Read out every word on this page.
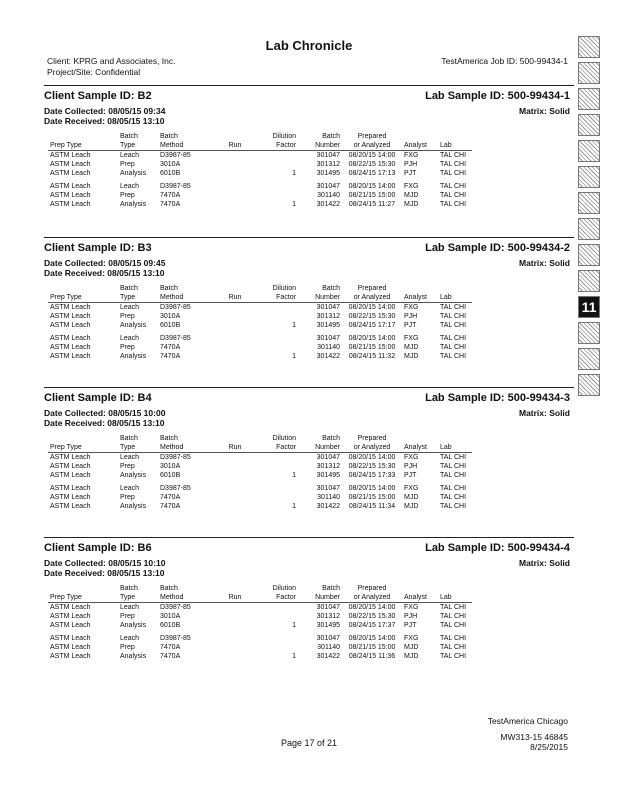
Lab Chronicle
Client: KPRG and Associates, Inc.
Project/Site: Confidential
TestAmerica Job ID: 500-99434-1
11
Client Sample ID: B2	Lab Sample ID: 500-99434-1
Date Collected: 08/05/15 09:34	Matrix: Solid
Date Received: 08/05/15 13:10
	Batch	Batch		Dilution	Batch	Prepared		
Prep Type	Type	Method	Run	Factor	Number	or Analyzed	Analyst	Lab
ASTM Leach	Leach	D3987-85			301047	08/20/15 14:00	FXG	TAL CHI
ASTM Leach	Prep	3010A			301312	08/22/15 15:30	PJH	TAL CHI
ASTM Leach	Analysis	6010B		1	301495	08/24/15 17:13	PJT	TAL CHI
ASTM Leach	Leach	D3987-85			301047	08/20/15 14:00	FXG	TAL CHI
ASTM Leach	Prep	7470A			301140	08/21/15 15:00	MJD	TAL CHI
ASTM Leach	Analysis	7470A		1	301422	08/24/15 11:27	MJD	TAL CHI
Client Sample ID: B3	Lab Sample ID: 500-99434-2
Date Collected: 08/05/15 09:45	Matrix: Solid
Date Received: 08/05/15 13:10
	Batch	Batch		Dilution	Batch	Prepared		
Prep Type	Type	Method	Run	Factor	Number	or Analyzed	Analyst	Lab
ASTM Leach	Leach	D3987-85			301047	08/20/15 14:00	FXG	TAL CHI
ASTM Leach	Prep	3010A			301312	08/22/15 15:30	PJH	TAL CHI
ASTM Leach	Analysis	6010B		1	301495	08/24/15 17:17	PJT	TAL CHI
ASTM Leach	Leach	D3987-85			301047	08/20/15 14:00	FXG	TAL CHI
ASTM Leach	Prep	7470A			301140	08/21/15 15:00	MJD	TAL CHI
ASTM Leach	Analysis	7470A		1	301422	08/24/15 11:32	MJD	TAL CHI
Client Sample ID: B4	Lab Sample ID: 500-99434-3
Date Collected: 08/05/15 10:00	Matrix: Solid
Date Received: 08/05/15 13:10
	Batch	Batch		Dilution	Batch	Prepared		
Prep Type	Type	Method	Run	Factor	Number	or Analyzed	Analyst	Lab
ASTM Leach	Leach	D3987-85			301047	08/20/15 14:00	FXG	TAL CHI
ASTM Leach	Prep	3010A			301312	08/22/15 15:30	PJH	TAL CHI
ASTM Leach	Analysis	6010B		1	301495	08/24/15 17:33	PJT	TAL CHI
ASTM Leach	Leach	D3987-85			301047	08/20/15 14:00	FXG	TAL CHI
ASTM Leach	Prep	7470A			301140	08/21/15 15:00	MJD	TAL CHI
ASTM Leach	Analysis	7470A		1	301422	08/24/15 11:34	MJD	TAL CHI
Client Sample ID: B6	Lab Sample ID: 500-99434-4
Date Collected: 08/05/15 10:10	Matrix: Solid
Date Received: 08/05/15 13:10
	Batch	Batch		Dilution	Batch	Prepared		
Prep Type	Type	Method	Run	Factor	Number	or Analyzed	Analyst	Lab
ASTM Leach	Leach	D3987-85			301047	08/20/15 14:00	FXG	TAL CHI
ASTM Leach	Prep	3010A			301312	08/22/15 15:30	PJH	TAL CHI
ASTM Leach	Analysis	6010B		1	301495	08/24/15 17:37	PJT	TAL CHI
ASTM Leach	Leach	D3987-85			301047	08/20/15 14:00	FXG	TAL CHI
ASTM Leach	Prep	7470A			301140	08/21/15 15:00	MJD	TAL CHI
ASTM Leach	Analysis	7470A		1	301422	08/24/15 11:36	MJD	TAL CHI
TestAmerica Chicago
Page 17 of 21
MW313-15 46845
8/25/2015
